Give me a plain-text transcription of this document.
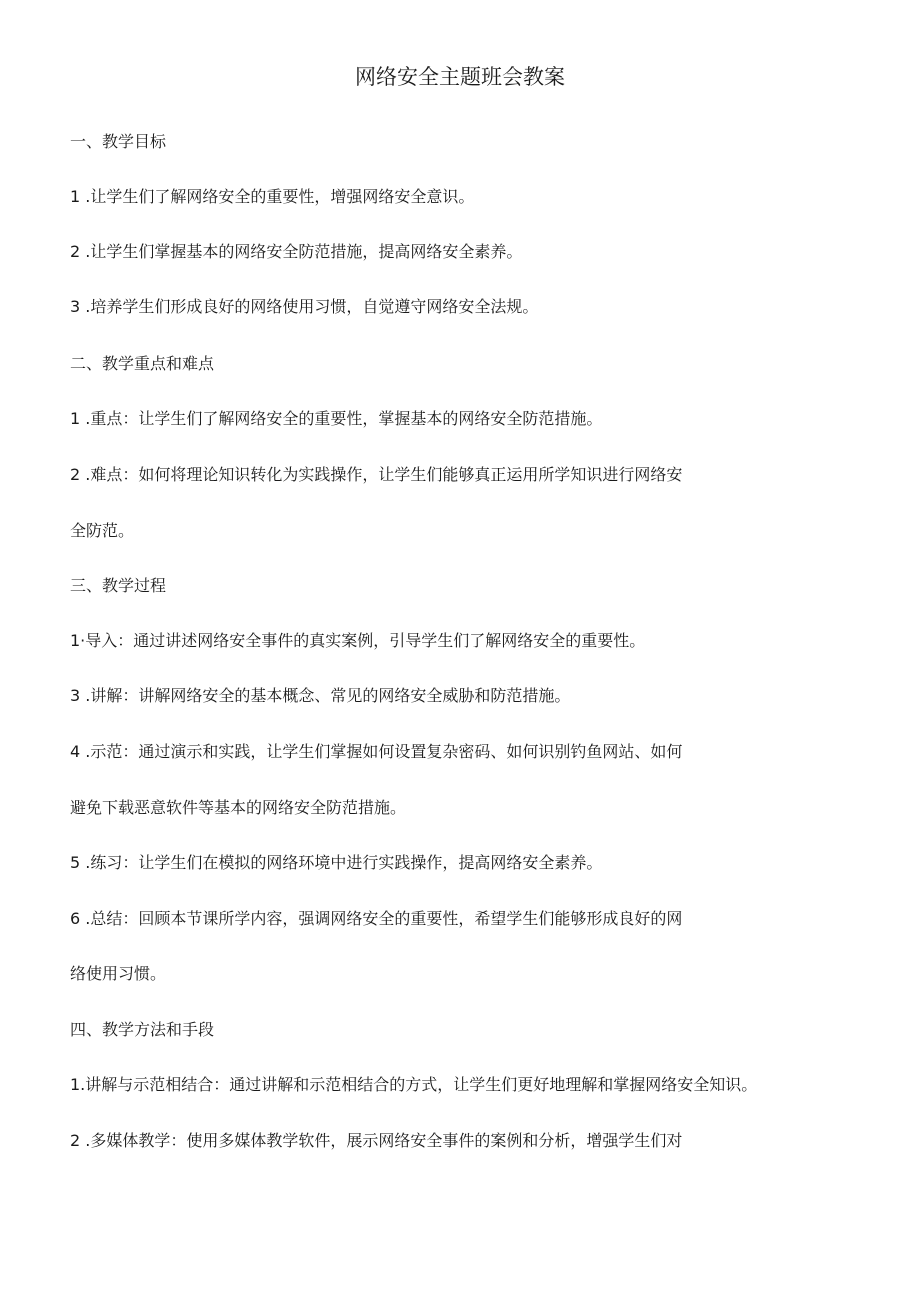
网络安全主题班会教案
一、教学目标
1 .让学生们了解网络安全的重要性，增强网络安全意识。
2 .让学生们掌握基本的网络安全防范措施，提高网络安全素养。
3 .培养学生们形成良好的网络使用习惯，自觉遵守网络安全法规。
二、教学重点和难点
1 .重点：让学生们了解网络安全的重要性，掌握基本的网络安全防范措施。
2 .难点：如何将理论知识转化为实践操作，让学生们能够真正运用所学知识进行网络安
全防范。
三、教学过程
1·导入：通过讲述网络安全事件的真实案例，引导学生们了解网络安全的重要性。
3 .讲解：讲解网络安全的基本概念、常见的网络安全威胁和防范措施。
4 .示范：通过演示和实践，让学生们掌握如何设置复杂密码、如何识别钓鱼网站、如何
避免下载恶意软件等基本的网络安全防范措施。
5 .练习：让学生们在模拟的网络环境中进行实践操作，提高网络安全素养。
6 .总结：回顾本节课所学内容，强调网络安全的重要性，希望学生们能够形成良好的网
络使用习惯。
四、教学方法和手段
1.讲解与示范相结合：通过讲解和示范相结合的方式，让学生们更好地理解和掌握网络安全知识。
2 .多媒体教学：使用多媒体教学软件，展示网络安全事件的案例和分析，增强学生们对
